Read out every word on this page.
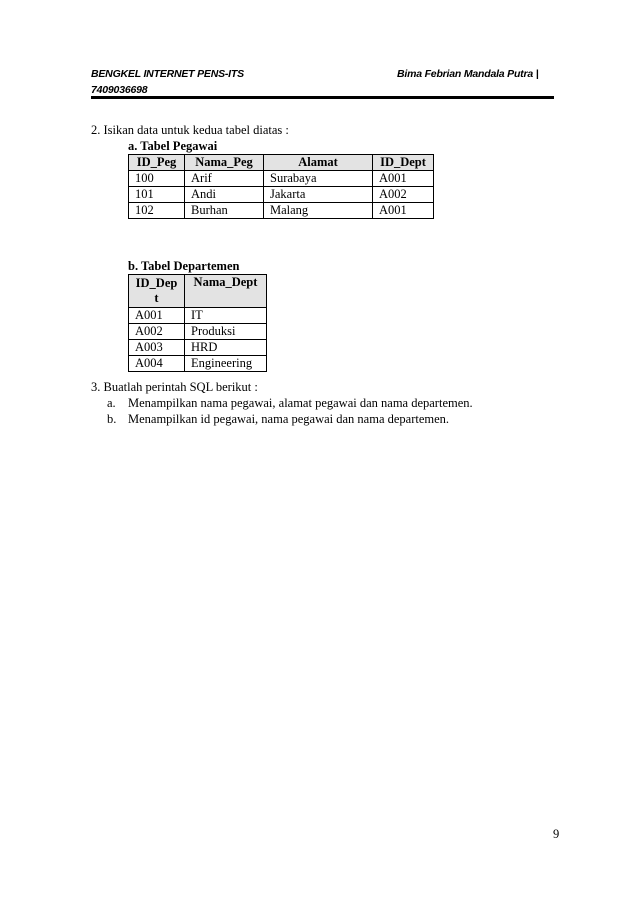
BENGKEL INTERNET PENS-ITS
7409036698
Bima Febrian Mandala Putra |
2. Isikan data untuk kedua tabel diatas :
a. Tabel Pegawai
ID_Peg	Nama_Peg	Alamat	ID_Dept
100	Arif	Surabaya	A001
101	Andi	Jakarta	A002
102	Burhan	Malang	A001
b. Tabel Departemen
ID_Dep t	Nama_Dept
A001	IT
A002	Produksi
A003	HRD
A004	Engineering
3. Buatlah perintah SQL berikut :
a. Menampilkan nama pegawai, alamat pegawai dan nama departemen.
b. Menampilkan id pegawai, nama pegawai dan nama departemen.
9
